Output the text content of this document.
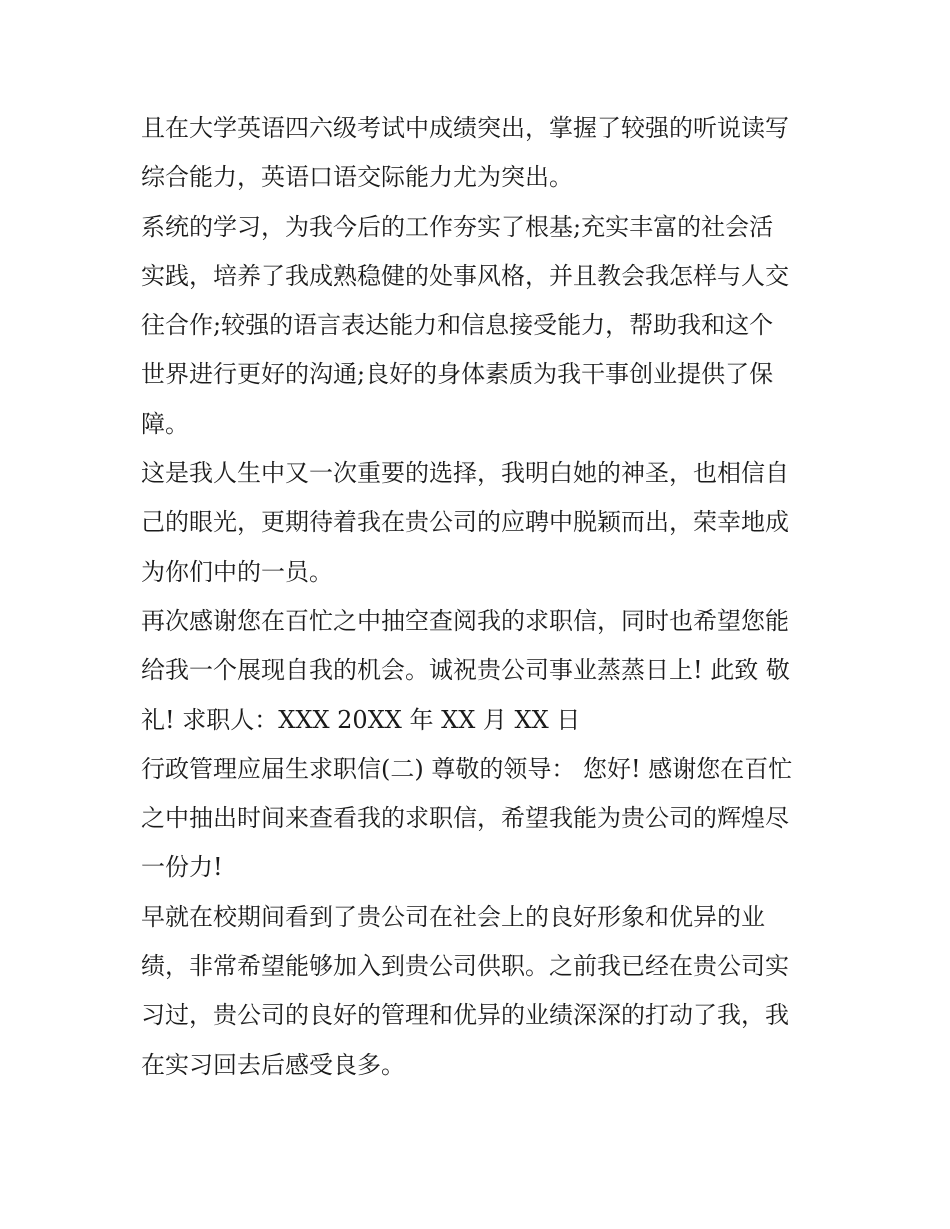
且在大学英语四六级考试中成绩突出，掌握了较强的听说读写
综合能力，英语口语交际能力尤为突出。
系统的学习，为我今后的工作夯实了根基;充实丰富的社会活
实践，培养了我成熟稳健的处事风格，并且教会我怎样与人交
往合作;较强的语言表达能力和信息接受能力，帮助我和这个
世界进行更好的沟通;良好的身体素质为我干事创业提供了保
障。
这是我人生中又一次重要的选择，我明白她的神圣，也相信自
己的眼光，更期待着我在贵公司的应聘中脱颖而出，荣幸地成
为你们中的一员。
再次感谢您在百忙之中抽空查阅我的求职信，同时也希望您能
给我一个展现自我的机会。诚祝贵公司事业蒸蒸日上! 此致 敬
礼! 求职人：XXX 20XX 年 XX 月 XX 日
行政管理应届生求职信(二) 尊敬的领导： 您好! 感谢您在百忙
之中抽出时间来查看我的求职信，希望我能为贵公司的辉煌尽
一份力!
早就在校期间看到了贵公司在社会上的良好形象和优异的业
绩，非常希望能够加入到贵公司供职。之前我已经在贵公司实
习过，贵公司的良好的管理和优异的业绩深深的打动了我，我
在实习回去后感受良多。
